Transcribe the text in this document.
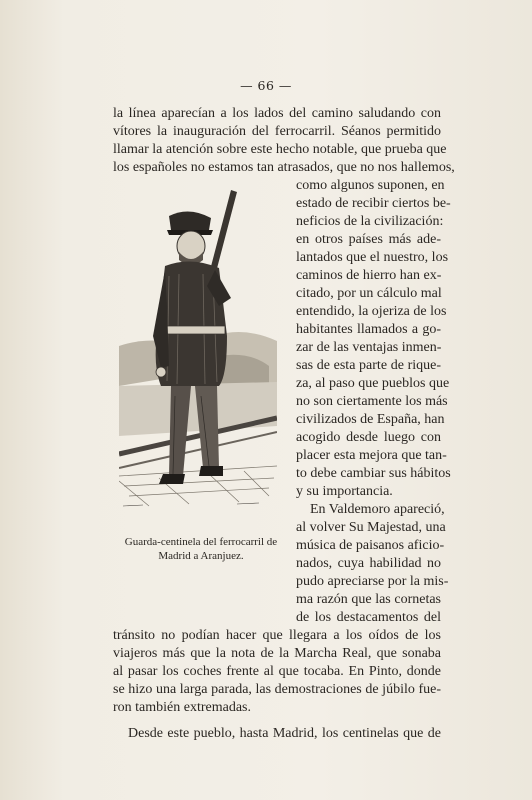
— 66 —
la línea aparecían a los lados del camino saludando con
vítores la inauguración del ferrocarril. Séanos permitido
llamar la atención sobre este hecho notable, que prueba que
los españoles no estamos tan atrasados, que no nos hallemos,
como algunos suponen, en
estado de recibir ciertos be-
neficios de la civilización:
en otros países más ade-
lantados que el nuestro, los
caminos de hierro han ex-
citado, por un cálculo mal
entendido, la ojeriza de los
habitantes llamados a go-
zar de las ventajas inmen-
sas de esta parte de rique-
za, al paso que pueblos que
no son ciertamente los más
civilizados de España, han
acogido desde luego con
placer esta mejora que tan-
to debe cambiar sus hábitos
y su importancia.
En Valdemoro apareció,
al volver Su Majestad, una
música de paisanos aficio-
nados, cuya habilidad no
pudo apreciarse por la mis-
ma razón que las cornetas
de los destacamentos del
tránsito no podían hacer que llegara a los oídos de los
viajeros más que la nota de la Marcha Real, que sonaba
al pasar los coches frente al que tocaba. En Pinto, donde
se hizo una larga parada, las demostraciones de júbilo fue-
ron también extremadas.
Desde este pueblo, hasta Madrid, los centinelas que de
Guarda-centinela del ferrocarril de
Madrid a Aranjuez.
